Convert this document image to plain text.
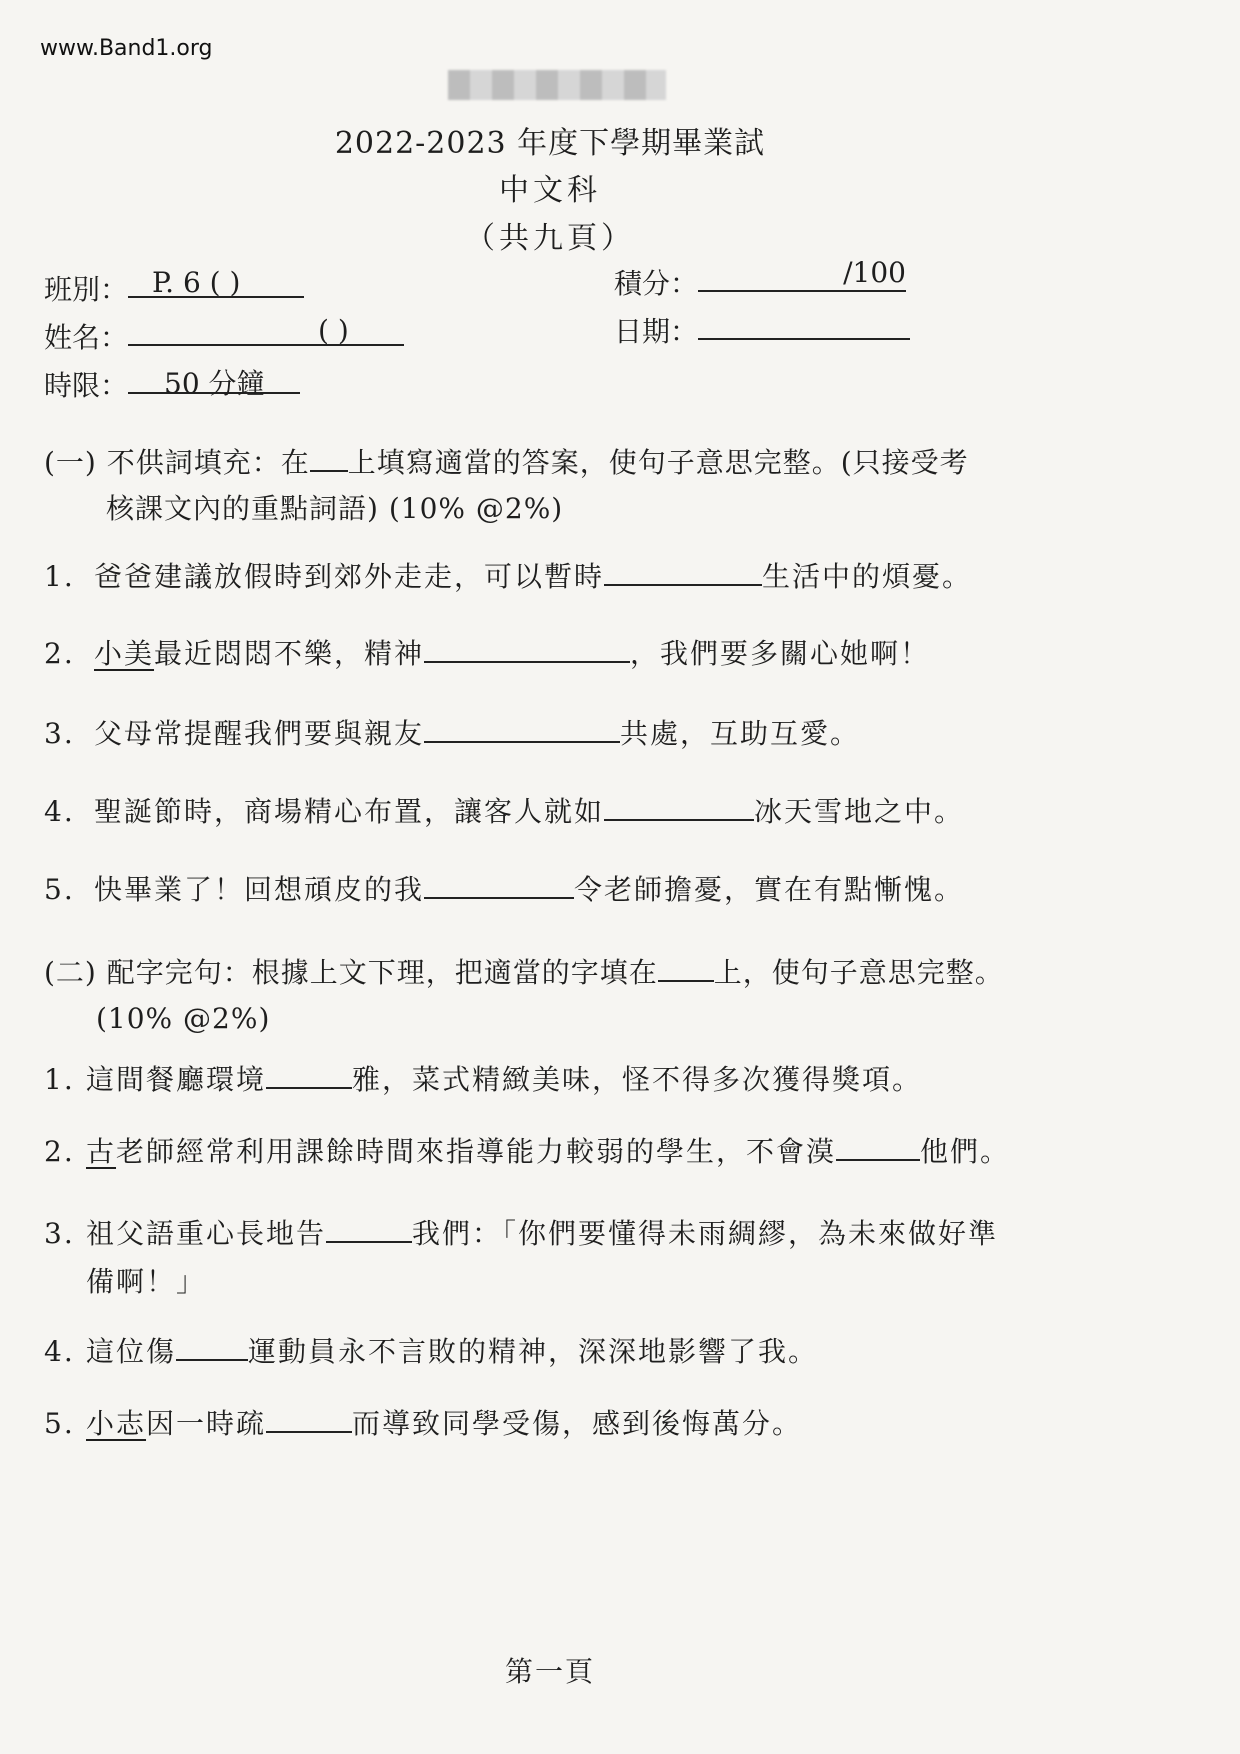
www.Band1.org
2022-2023 年度下學期畢業試
中文科
（共九頁）
班別： P. 6 ( )	積分：	/100
姓名：	( )	日期：
時限： 50 分鐘
(一) 不供詞填充：在 上填寫適當的答案，使句子意思完整。(只接受考
核課文內的重點詞語) (10% @2%)
1. 爸爸建議放假時到郊外走走，可以暫時	生活中的煩憂。
2. 小美最近悶悶不樂，精神	，我們要多關心她啊！
3. 父母常提醒我們要與親友	共處，互助互愛。
4. 聖誕節時，商場精心布置，讓客人就如	冰天雪地之中。
5. 快畢業了！回想頑皮的我	令老師擔憂，實在有點慚愧。
(二) 配字完句：根據上文下理，把適當的字填在 上，使句子意思完整。
(10% @2%)
1. 這間餐廳環境	雅，菜式精緻美味，怪不得多次獲得獎項。
2. 古老師經常利用課餘時間來指導能力較弱的學生，不會漠	他們。
3. 祖父語重心長地告	我們：「你們要懂得未雨綢繆，為未來做好準
備啊！」
4. 這位傷	運動員永不言敗的精神，深深地影響了我。
5. 小志因一時疏	而導致同學受傷，感到後悔萬分。
第一頁
